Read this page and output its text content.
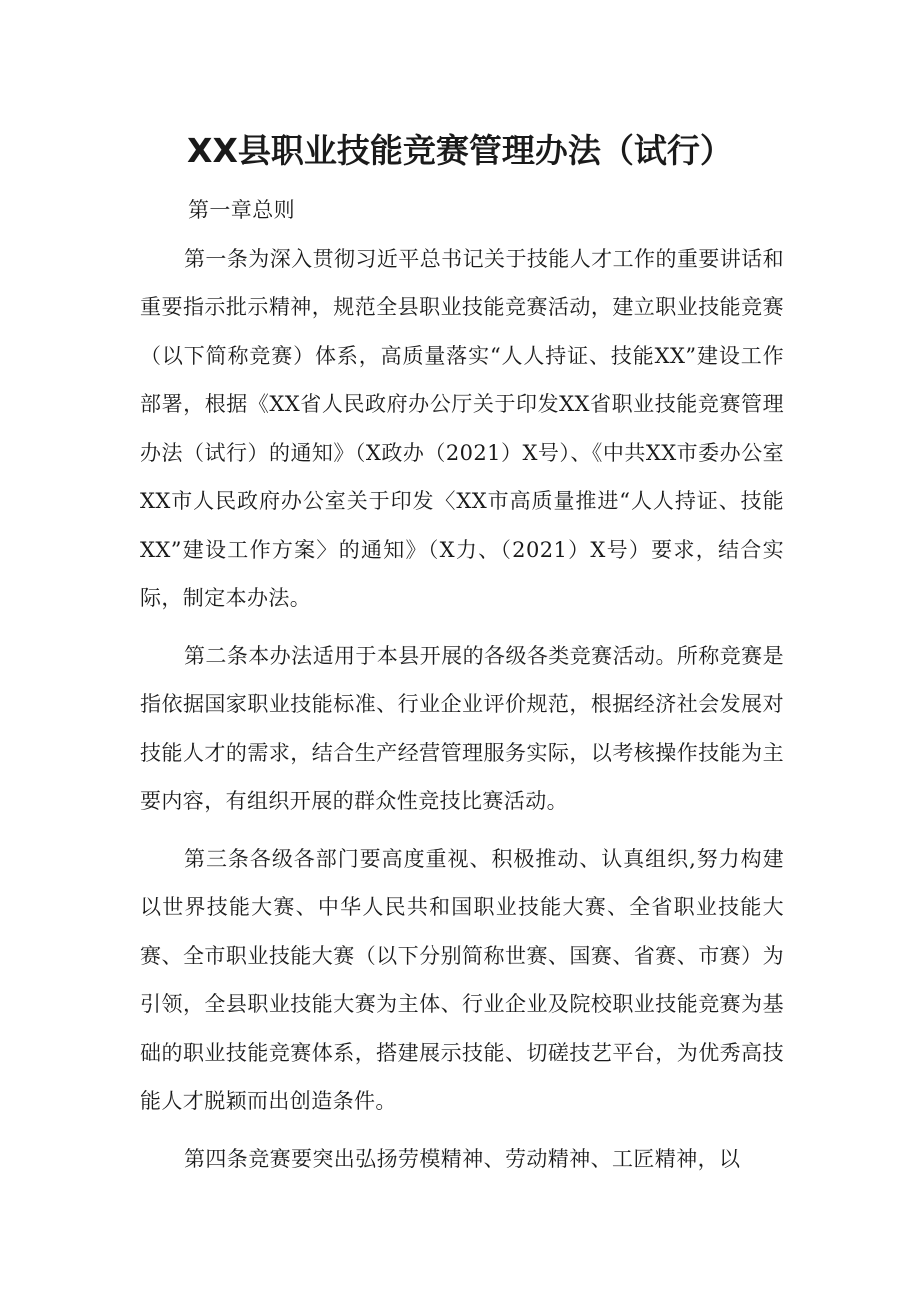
XX县职业技能竞赛管理办法（试行）

第一章总则

第一条为深入贯彻习近平总书记关于技能人才工作的重要讲话和重要指示批示精神，规范全县职业技能竞赛活动，建立职业技能竞赛（以下简称竞赛）体系，高质量落实“人人持证、技能XX”建设工作部署，根据《XX省人民政府办公厅关于印发XX省职业技能竞赛管理办法（试行）的通知》（X政办（2021）X号）、《中共XX市委办公室XX市人民政府办公室关于印发〈XX市高质量推进“人人持证、技能XX”建设工作方案〉的通知》（X力、（2021）X号）要求，结合实际，制定本办法。

第二条本办法适用于本县开展的各级各类竞赛活动。所称竞赛是指依据国家职业技能标准、行业企业评价规范，根据经济社会发展对技能人才的需求，结合生产经营管理服务实际，以考核操作技能为主要内容，有组织开展的群众性竞技比赛活动。

第三条各级各部门要高度重视、积极推动、认真组织,努力构建以世界技能大赛、中华人民共和国职业技能大赛、全省职业技能大赛、全市职业技能大赛（以下分别简称世赛、国赛、省赛、市赛）为引领，全县职业技能大赛为主体、行业企业及院校职业技能竞赛为基础的职业技能竞赛体系，搭建展示技能、切磋技艺平台，为优秀高技能人才脱颖而出创造条件。

第四条竞赛要突出弘扬劳模精神、劳动精神、工匠精神，以
